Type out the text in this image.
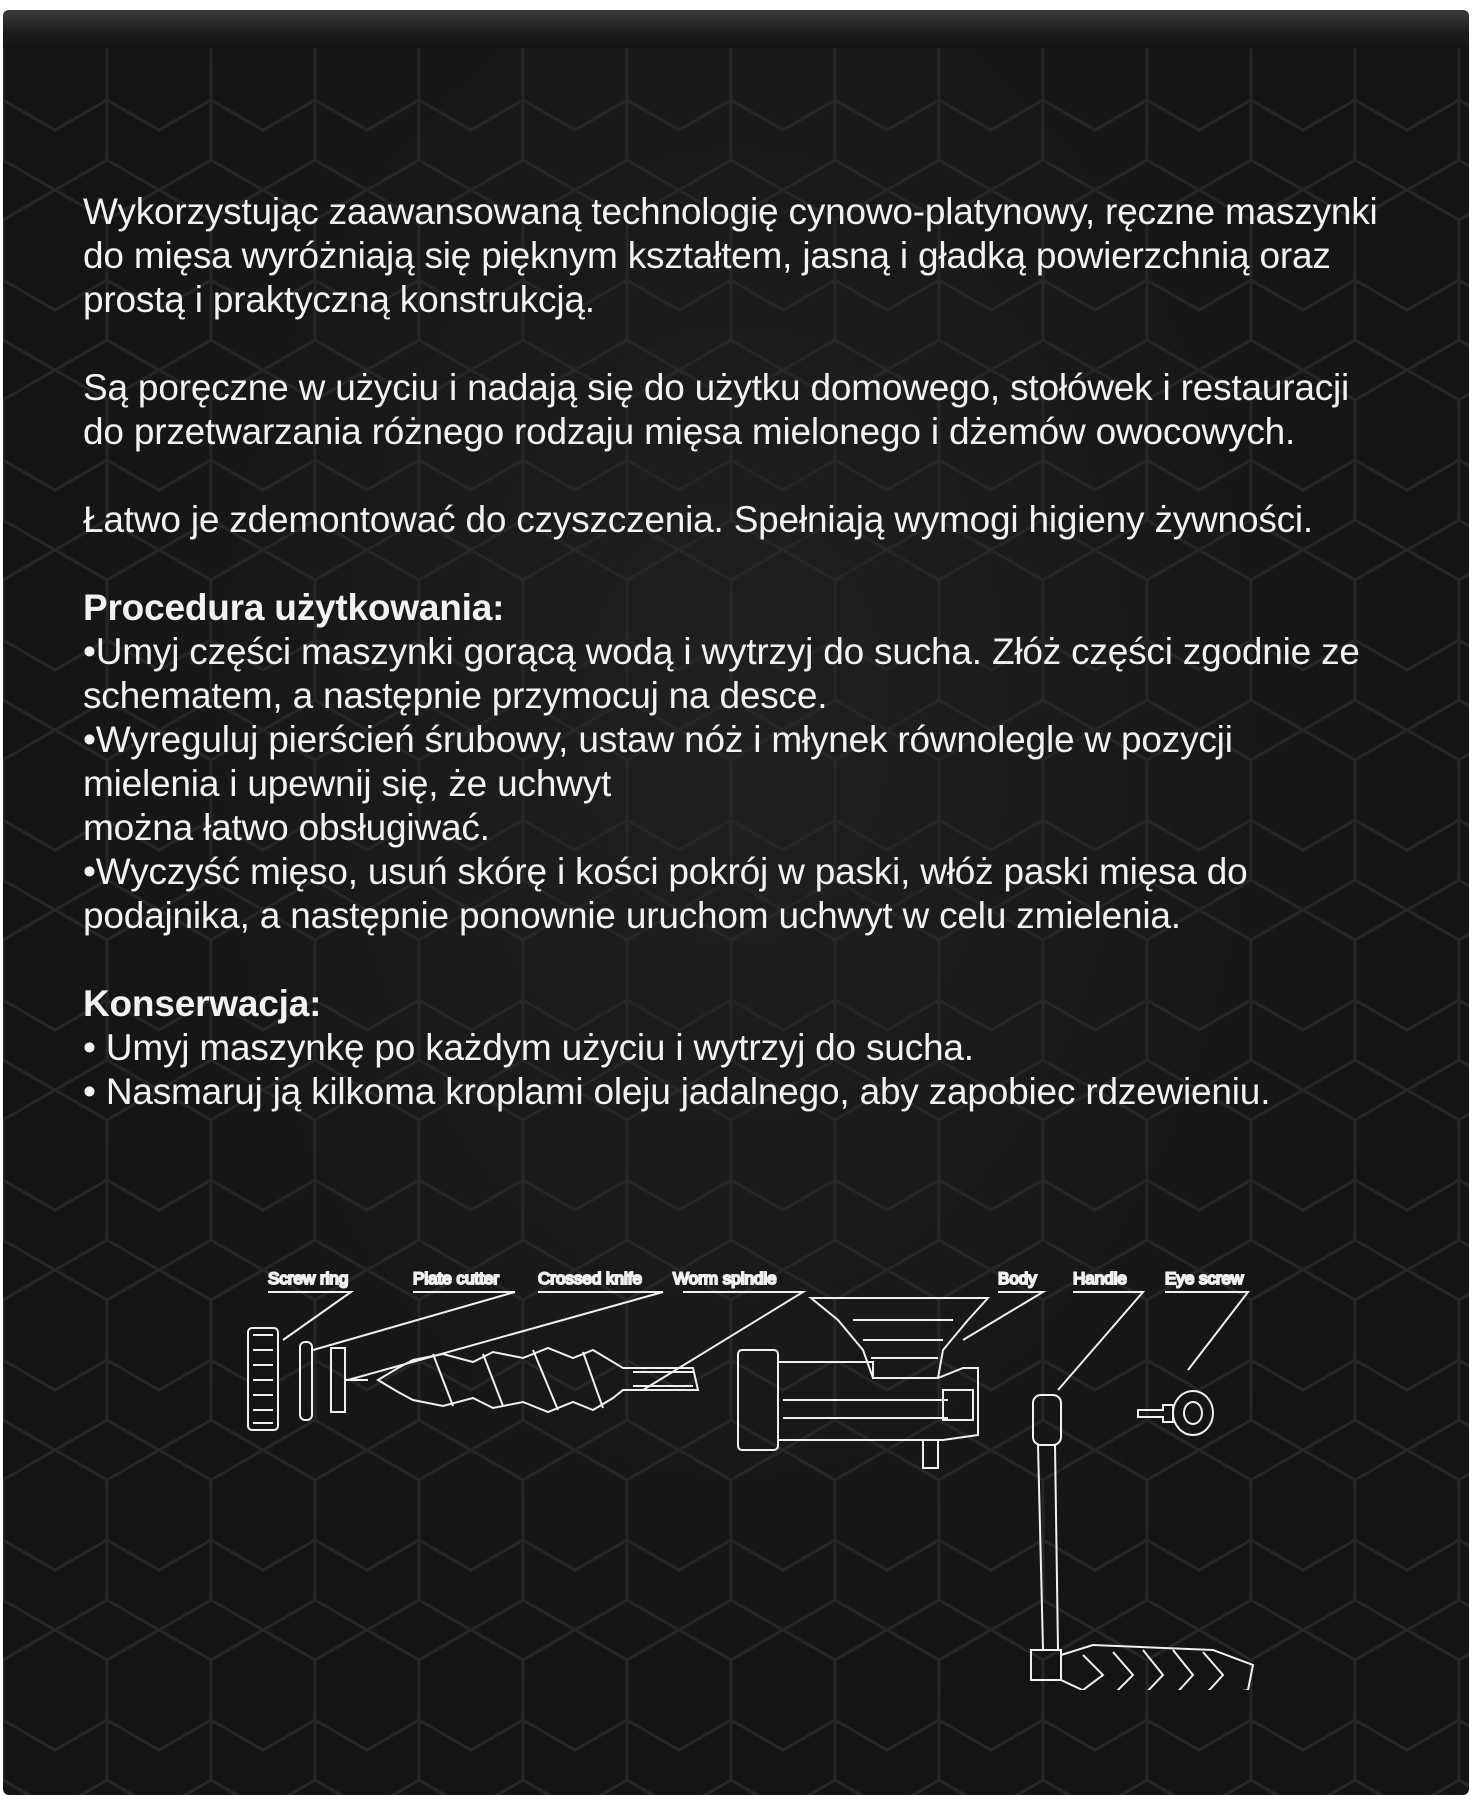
Wykorzystując zaawansowaną technologię cynowo-platynowy, ręczne maszynki
do mięsa wyróżniają się pięknym kształtem, jasną i gładką powierzchnią oraz
prostą i praktyczną konstrukcją.

Są poręczne w użyciu i nadają się do użytku domowego, stołówek i restauracji
do przetwarzania różnego rodzaju mięsa mielonego i dżemów owocowych.

Łatwo je zdemontować do czyszczenia. Spełniają wymogi higieny żywności.

Procedura użytkowania:
•Umyj części maszynki gorącą wodą i wytrzyj do sucha. Złóż części zgodnie ze
schematem, a następnie przymocuj na desce.
•Wyreguluj pierścień śrubowy, ustaw nóż i młynek równolegle w pozycji
mielenia i upewnij się, że uchwyt
można łatwo obsługiwać.
•Wyczyść mięso, usuń skórę i kości pokrój w paski, włóż paski mięsa do
podajnika, a następnie ponownie uruchom uchwyt w celu zmielenia.
Konserwacja:
• Umyj maszynkę po każdym użyciu i wytrzyj do sucha.
• Nasmaruj ją kilkoma kroplami oleju jadalnego, aby zapobiec rdzewieniu.
Screw ring	Plate cutter Crossed knife Worm spindle	Body Handle Eye screw
